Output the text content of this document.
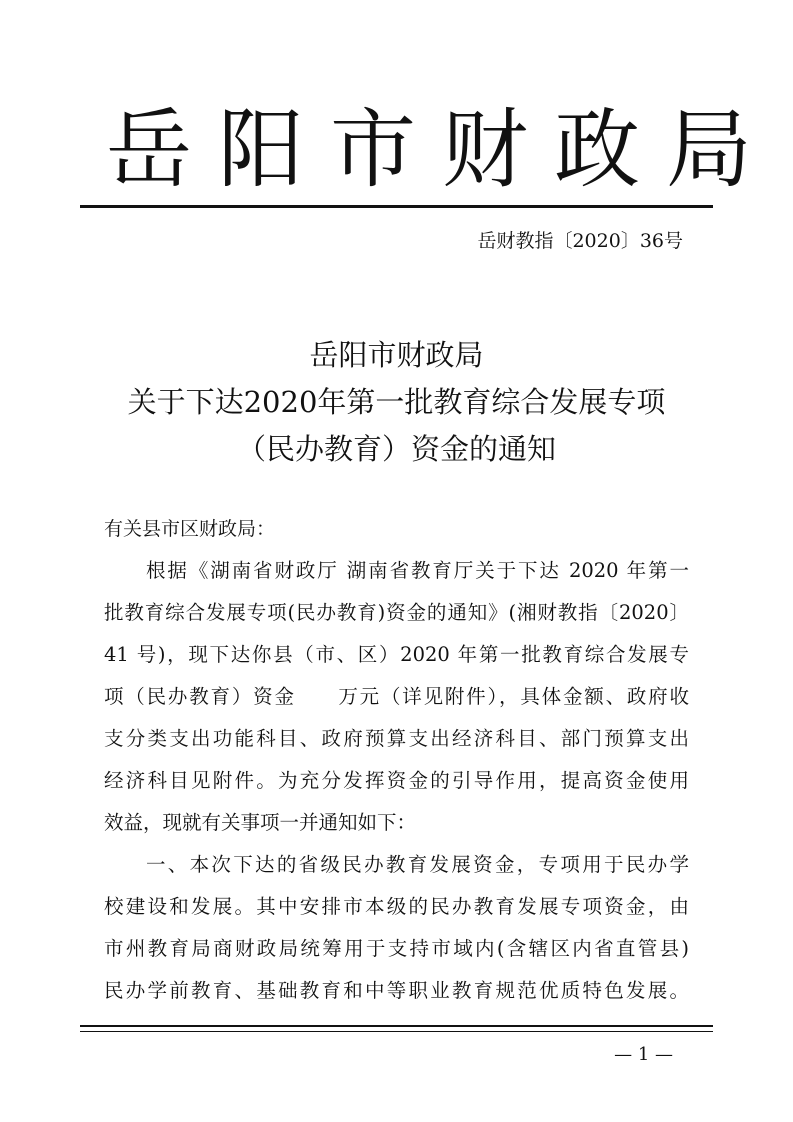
岳阳市财政局
岳财教指〔2020〕36号
岳阳市财政局
关于下达2020年第一批教育综合发展专项
（民办教育）资金的通知
有关县市区财政局：
根据《湖南省财政厅 湖南省教育厅关于下达 2020 年第一
批教育综合发展专项(民办教育)资金的通知》(湘财教指〔2020〕
41 号)，现下达你县（市、区）2020 年第一批教育综合发展专
项（民办教育）资金　　万元（详见附件），具体金额、政府收
支分类支出功能科目、政府预算支出经济科目、部门预算支出
经济科目见附件。为充分发挥资金的引导作用，提高资金使用
效益，现就有关事项一并通知如下：
一、本次下达的省级民办教育发展资金，专项用于民办学
校建设和发展。其中安排市本级的民办教育发展专项资金，由
市州教育局商财政局统筹用于支持市域内(含辖区内省直管县)
民办学前教育、基础教育和中等职业教育规范优质特色发展。
— 1 —
